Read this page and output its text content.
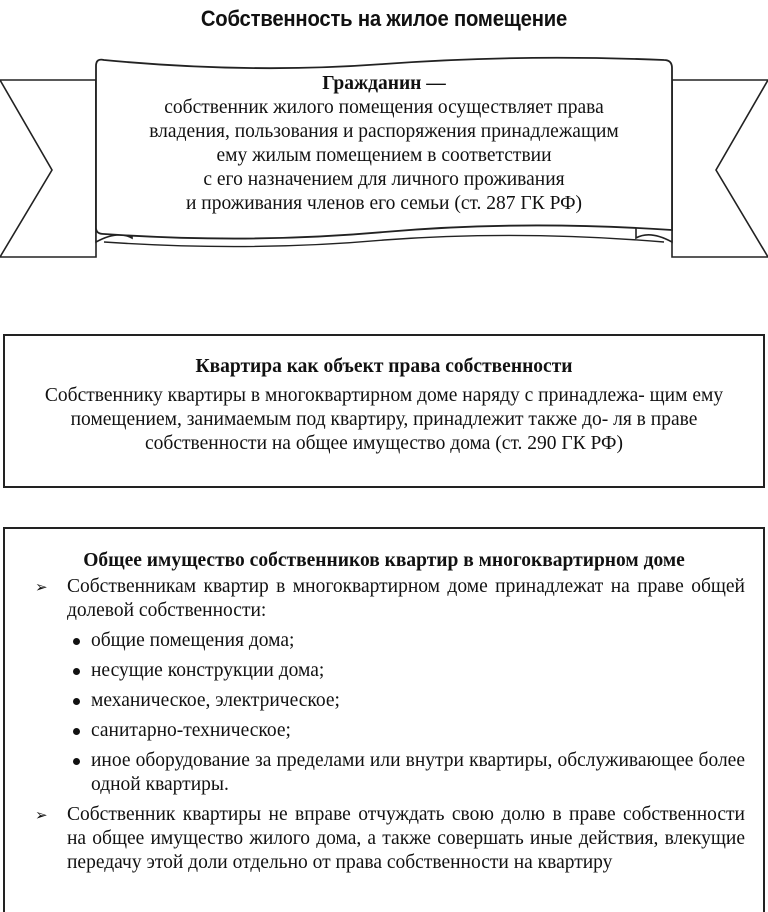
Собственность на жилое помещение
Гражданин —
собственник жилого помещения осуществляет права
владения, пользования и распоряжения принадлежащим
ему жилым помещением в соответствии
с его назначением для личного проживания
и проживания членов его семьи (ст. 287 ГК РФ)
Квартира как объект права собственности
Собственнику квартиры в многоквартирном доме наряду с принадлежа- щим ему помещением, занимаемым под квартиру, принадлежит также до- ля в праве собственности на общее имущество дома (ст. 290 ГК РФ)
Общее имущество собственников квартир в многоквартирном доме
➢ Собственникам квартир в многоквартирном доме принадлежат на праве общей долевой собственности:
общие помещения дома;
несущие конструкции дома;
механическое, электрическое;
санитарно-техническое;
иное оборудование за пределами или внутри квартиры, обслуживающее более одной квартиры.
➢ Собственник квартиры не вправе отчуждать свою долю в праве собственности на общее имущество жилого дома, а также совершать иные действия, влекущие передачу этой доли отдельно от права собственности на квартиру
